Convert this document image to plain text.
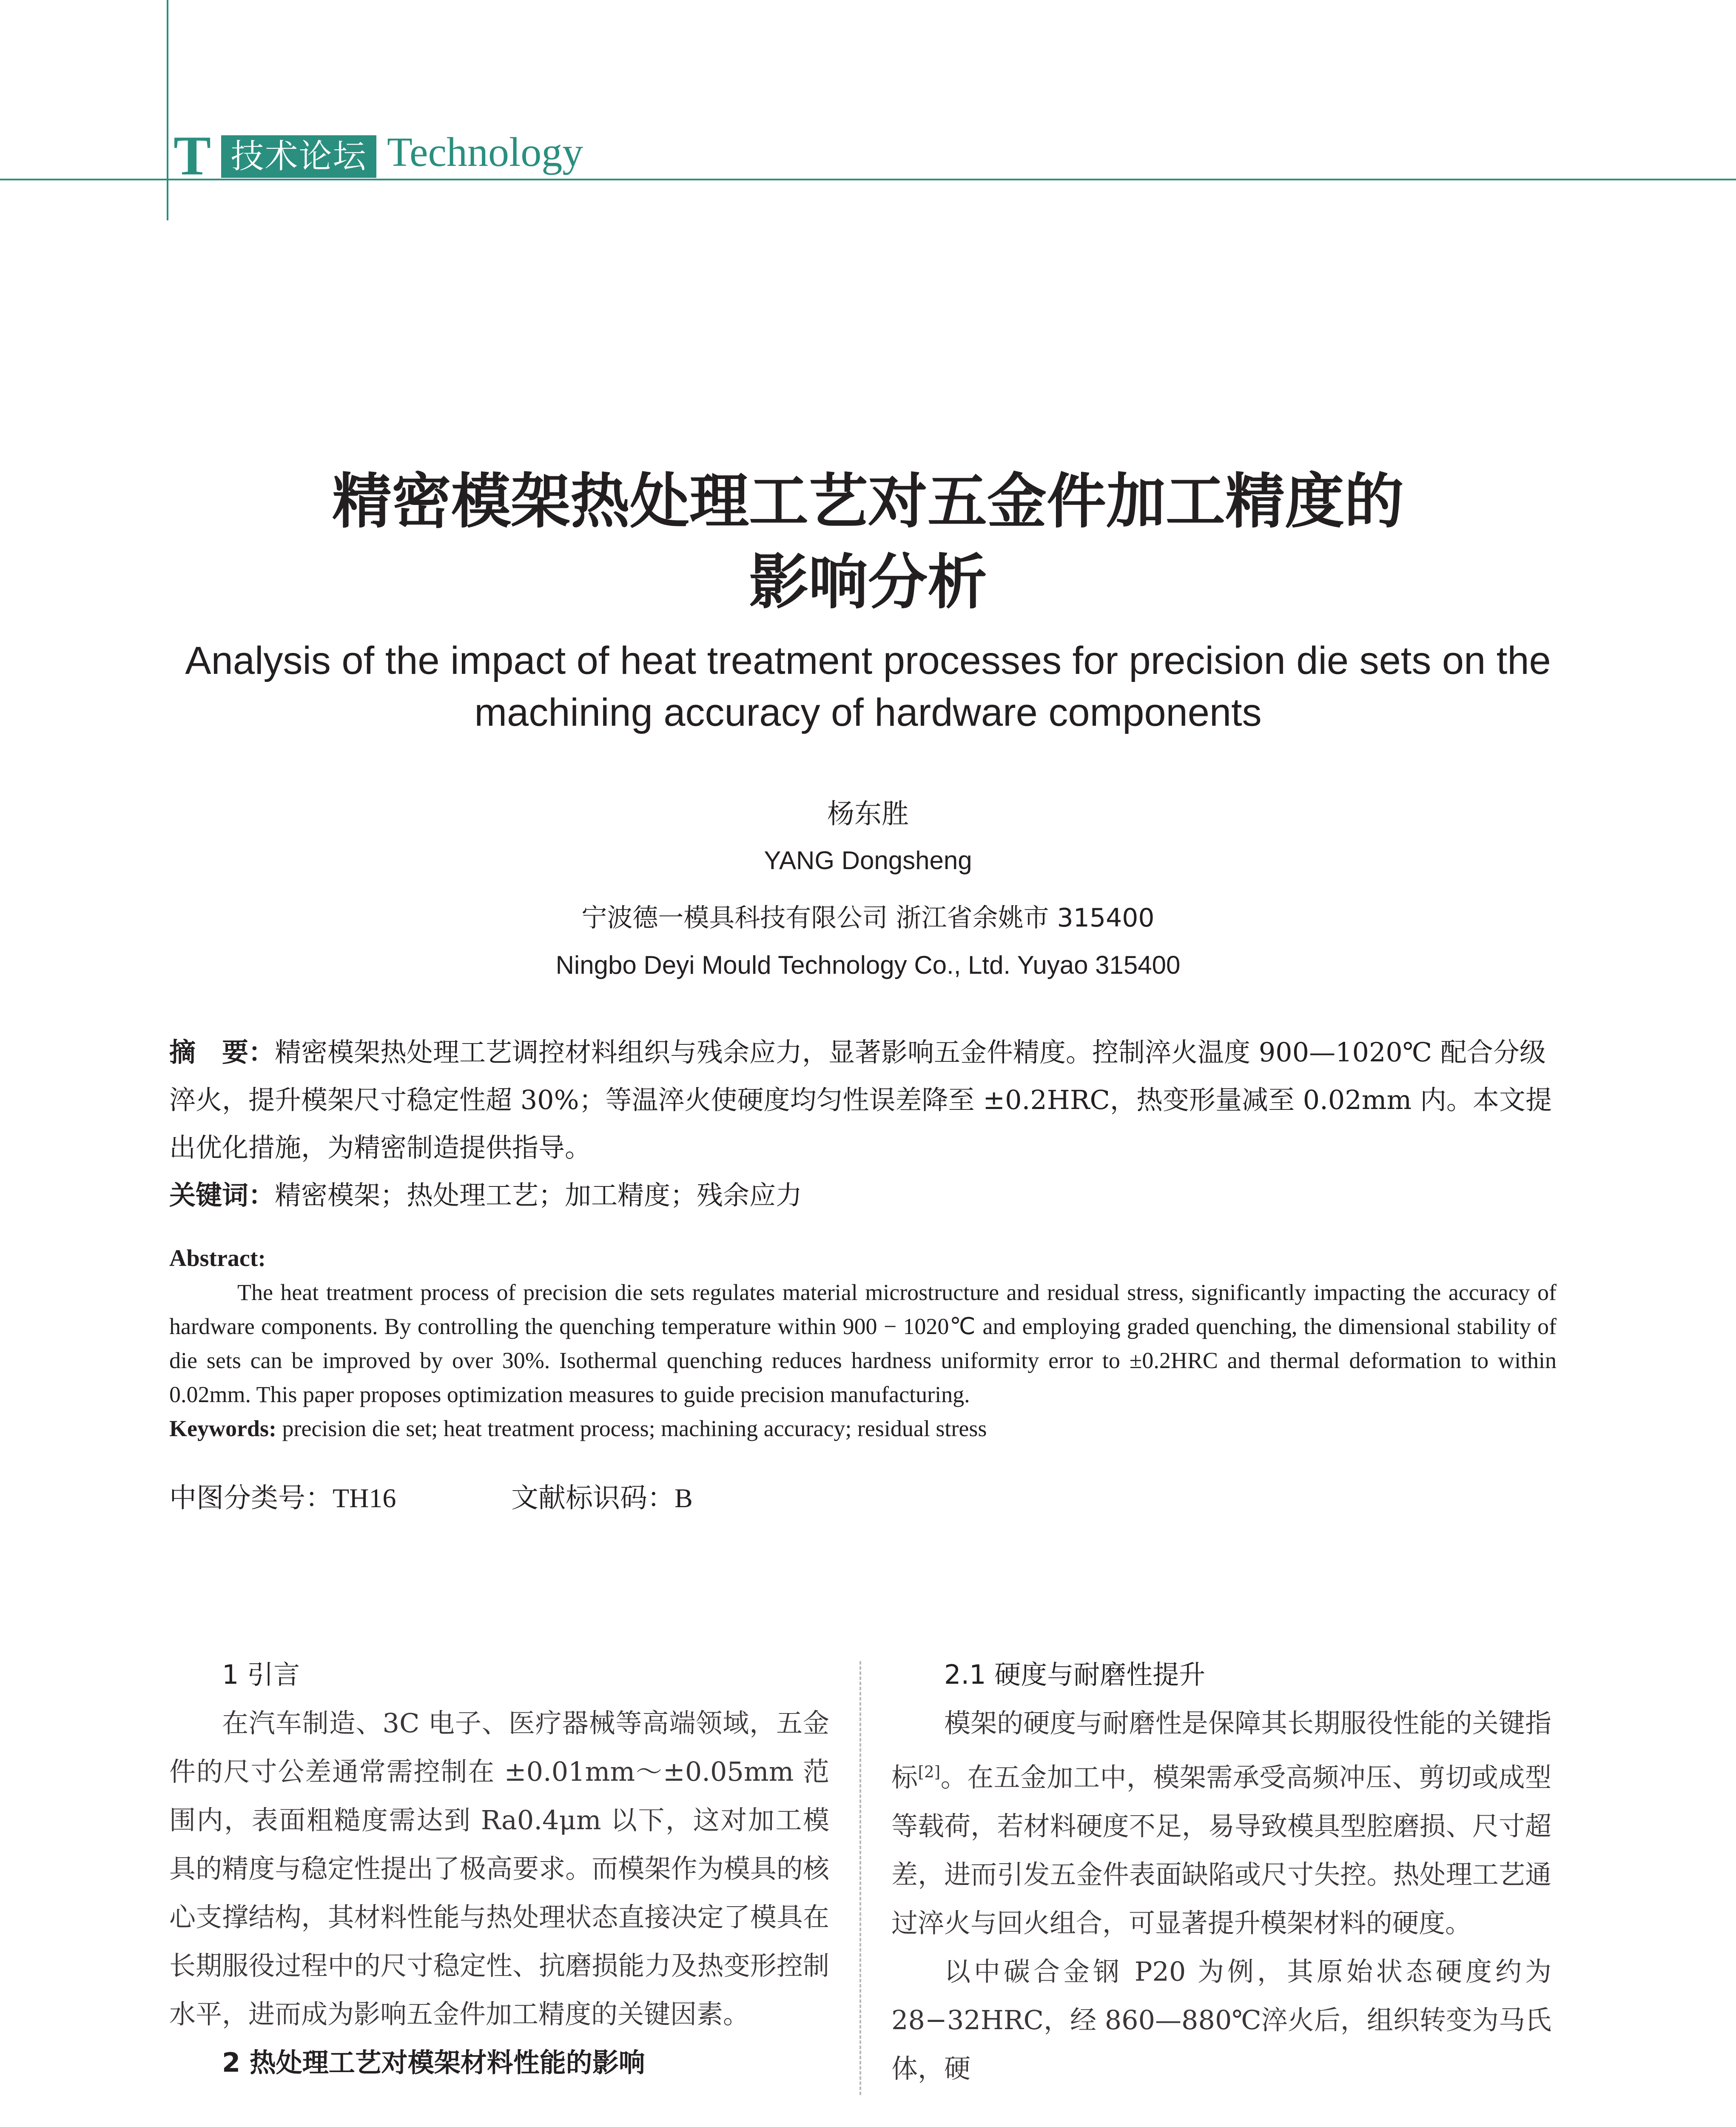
T 技术论坛 Technology
精密模架热处理工艺对五金件加工精度的
影响分析
Analysis of the impact of heat treatment processes for precision die sets on the
machining accuracy of hardware components
杨东胜
YANG Dongsheng
宁波德一模具科技有限公司 浙江省余姚市 315400
Ningbo Deyi Mould Technology Co., Ltd. Yuyao 315400
摘　要：精密模架热处理工艺调控材料组织与残余应力，显著影响五金件精度。控制淬火温度 900—1020℃ 配合分级淬火，提升模架尺寸稳定性超 30%；等温淬火使硬度均匀性误差降至 ±0.2HRC，热变形量减至 0.02mm 内。本文提出优化措施，为精密制造提供指导。
关键词：精密模架；热处理工艺；加工精度；残余应力
Abstract:

The heat treatment process of precision die sets regulates material microstructure and residual stress, significantly impacting the accuracy of hardware components. By controlling the quenching temperature within 900 − 1020℃ and employing graded quenching, the dimensional stability of die sets can be improved by over 30%. Isothermal quenching reduces hardness uniformity error to ±0.2HRC and thermal deformation to within 0.02mm. This paper proposes optimization measures to guide precision manufacturing.

Keywords: precision die set; heat treatment process; machining accuracy; residual stress
中图分类号：TH16	文献标识码：B
1 引言

在汽车制造、3C 电子、医疗器械等高端领域，五金件的尺寸公差通常需控制在 ±0.01mm～±0.05mm 范围内，表面粗糙度需达到 Ra0.4μm 以下，这对加工模具的精度与稳定性提出了极高要求。而模架作为模具的核心支撑结构，其材料性能与热处理状态直接决定了模具在长期服役过程中的尺寸稳定性、抗磨损能力及热变形控制水平，进而成为影响五金件加工精度的关键因素。

2 热处理工艺对模架材料性能的影响
2.1 硬度与耐磨性提升

模架的硬度与耐磨性是保障其长期服役性能的关键指标[2]。在五金加工中，模架需承受高频冲压、剪切或成型等载荷，若材料硬度不足，易导致模具型腔磨损、尺寸超差，进而引发五金件表面缺陷或尺寸失控。热处理工艺通过淬火与回火组合，可显著提升模架材料的硬度。

以中碳合金钢 P20 为例，其原始状态硬度约为 28−32HRC，经 860—880℃淬火后，组织转变为马氏体，硬
